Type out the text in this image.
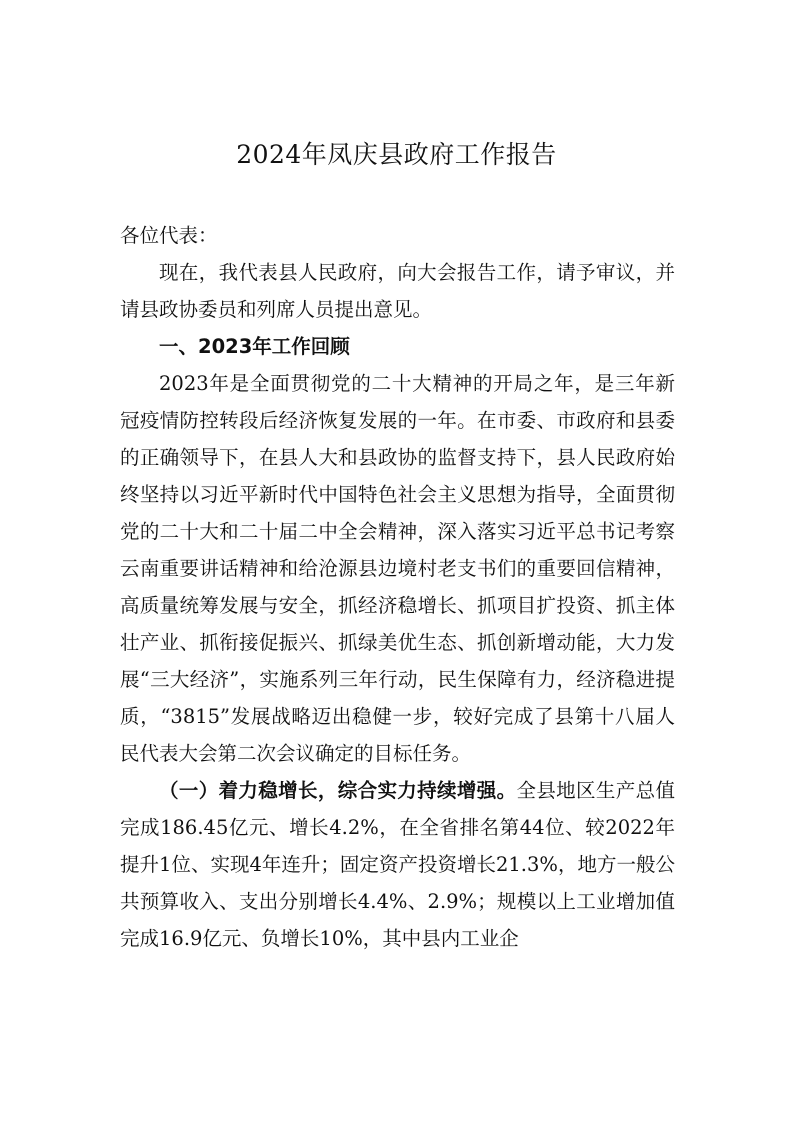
2024年凤庆县政府工作报告

各位代表：

现在，我代表县人民政府，向大会报告工作，请予审议，并请县政协委员和列席人员提出意见。

一、2023年工作回顾

2023年是全面贯彻党的二十大精神的开局之年，是三年新冠疫情防控转段后经济恢复发展的一年。在市委、市政府和县委的正确领导下，在县人大和县政协的监督支持下，县人民政府始终坚持以习近平新时代中国特色社会主义思想为指导，全面贯彻党的二十大和二十届二中全会精神，深入落实习近平总书记考察云南重要讲话精神和给沧源县边境村老支书们的重要回信精神，高质量统筹发展与安全，抓经济稳增长、抓项目扩投资、抓主体壮产业、抓衔接促振兴、抓绿美优生态、抓创新增动能，大力发展“三大经济”，实施系列三年行动，民生保障有力，经济稳进提质，“3815”发展战略迈出稳健一步，较好完成了县第十八届人民代表大会第二次会议确定的目标任务。

（一）着力稳增长，综合实力持续增强。全县地区生产总值完成186.45亿元、增长4.2%，在全省排名第44位、较2022年提升1位、实现4年连升；固定资产投资增长21.3%，地方一般公共预算收入、支出分别增长4.4%、2.9%；规模以上工业增加值完成16.9亿元、负增长10%，其中县内工业企
